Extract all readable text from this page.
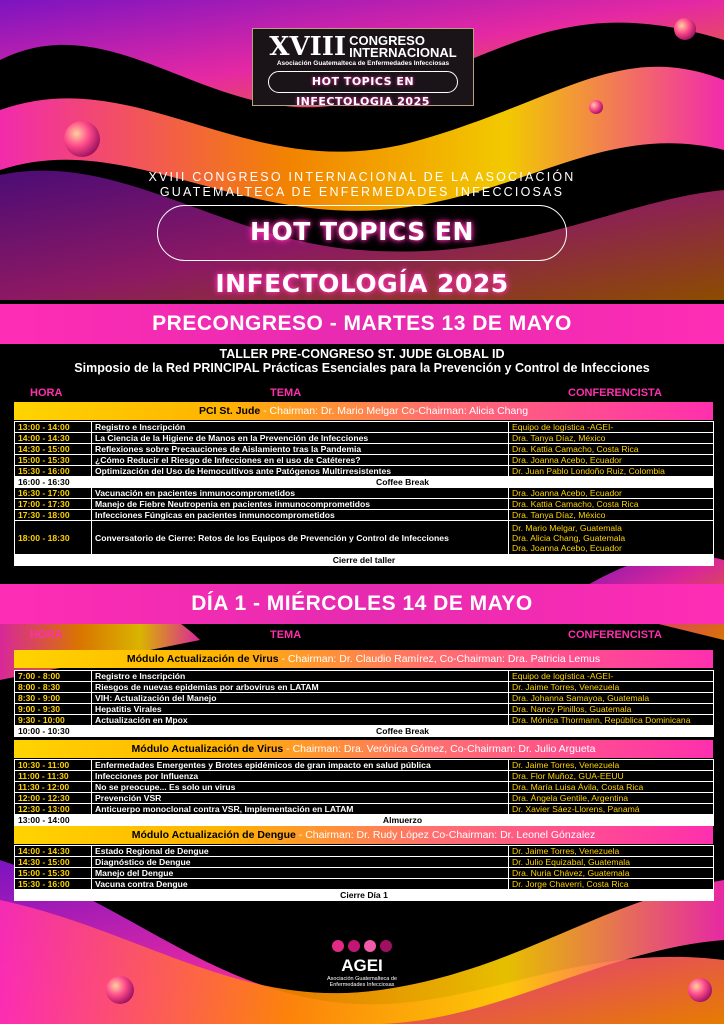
XVIII CONGRESO
INTERNACIONAL
Asociación Guatemalteca de Enfermedades Infecciosas
HOT TOPICS EN INFECTOLOGIA 2025
XVIII CONGRESO INTERNACIONAL DE LA ASOCIACIÓN
GUATEMALTECA DE ENFERMEDADES INFECCIOSAS
HOT TOPICS EN INFECTOLOGÍA 2025
PRECONGRESO - MARTES 13 DE MAYO
TALLER PRE-CONGRESO ST. JUDE GLOBAL ID
Simposio de la Red PRINCIPAL Prácticas Esenciales para la Prevención y Control de Infecciones
HORA	TEMA	CONFERENCISTA
PCI St. Jude - Chairman: Dr. Mario Melgar Co-Chairman: Alicia Chang
13:00 - 14:00	Registro e Inscripción	Equipo de logística -AGEI-
14:00 - 14:30	La Ciencia de la Higiene de Manos en la Prevención de Infecciones	Dra. Tanya Díaz, México
14:30 - 15:00	Reflexiones sobre Precauciones de Aislamiento tras la Pandemia	Dra. Kattia Camacho, Costa Rica
15:00 - 15:30	¿Cómo Reducir el Riesgo de Infecciones en el uso de Catéteres?	Dra. Joanna Acebo, Ecuador
15:30 - 16:00	Optimización del Uso de Hemocultivos ante Patógenos Multirresistentes	Dr. Juan Pablo Londoño Ruiz, Colombia
16:00 - 16:30	Coffee Break	
16:30 - 17:00	Vacunación en pacientes inmunocomprometidos	Dra. Joanna Acebo, Ecuador
17:00 - 17:30	Manejo de Fiebre Neutropenia en pacientes inmunocomprometidos	Dra. Kattia Camacho, Costa Rica
17:30 - 18:00	Infecciones Fúngicas en pacientes inmunocomprometidos	Dra. Tanya Díaz, México
18:00 - 18:30	Conversatorio de Cierre: Retos de los Equipos de Prevención y Control de Infecciones	Dr. Mario Melgar, Guatemala
Dra. Alicia Chang, Guatemala
Dra. Joanna Acebo, Ecuador

Cierre del taller		
DÍA 1 - MIÉRCOLES 14 DE MAYO
HORA	TEMA	CONFERENCISTA
Módulo Actualización de Virus - Chairman: Dr. Claudio Ramírez, Co-Chairman: Dra. Patricia Lemus
7:00 - 8:00	Registro e Inscripción	Equipo de logística -AGEI-
8:00 - 8:30	Riesgos de nuevas epidemias por arbovirus en LATAM	Dr. Jaime Torres, Venezuela
8:30 - 9:00	VIH: Actualización del Manejo	Dra. Johanna Samayoa, Guatemala
9:00 - 9:30	Hepatitis Virales	Dra. Nancy Pinillos, Guatemala
9:30 - 10:00	Actualización en Mpox	Dra. Mónica Thormann, República Dominicana
10:00 - 10:30	Coffee Break	
Módulo Actualización de Virus - Chairman: Dra. Verónica Gómez, Co-Chairman: Dr. Julio Argueta
10:30 - 11:00	Enfermedades Emergentes y Brotes epidémicos de gran impacto en salud pública	Dr. Jaime Torres, Venezuela
11:00 - 11:30	Infecciones por Influenza	Dra. Flor Muñoz, GUA-EEUU
11:30 - 12:00	No se preocupe... Es solo un virus	Dra. María Luisa Ávila, Costa Rica
12:00 - 12:30	Prevención VSR	Dra. Ángela Gentile, Argentina
12:30 - 13:00	Anticuerpo monoclonal contra VSR, Implementación en LATAM	Dr. Xavier Sáez-Llorens, Panamá
13:00 - 14:00	Almuerzo	
Módulo Actualización de Dengue - Chairman: Dr. Rudy López Co-Chairman: Dr. Leonel Gónzalez
14:00 - 14:30	Estado Regional de Dengue	Dr. Jaime Torres, Venezuela
14:30 - 15:00	Diagnóstico de Dengue	Dr. Julio Equizabal, Guatemala
15:00 - 15:30	Manejo del Dengue	Dra. Nuria Chávez, Guatemala
15:30 - 16:00	Vacuna contra Dengue	Dr. Jorge Chaverri, Costa Rica
Cierre Día 1		
AGEI
Asociación Guatemalteca de
Enfermedades Infecciosas
